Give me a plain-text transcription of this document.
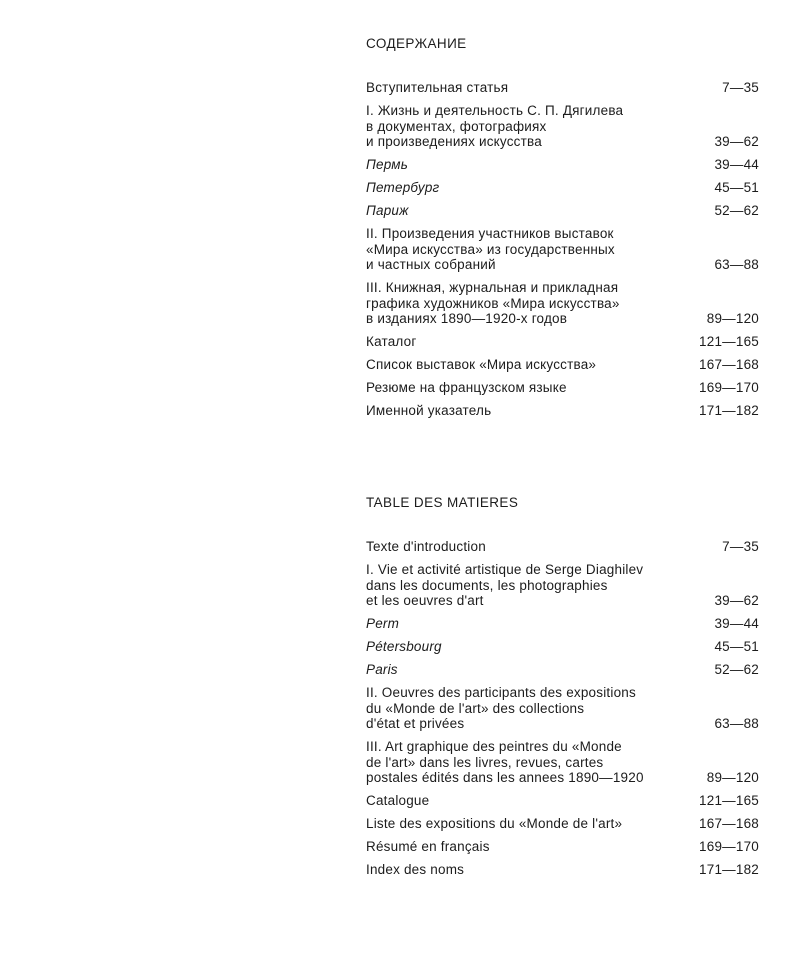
СОДЕРЖАНИЕ
Вступительная статья	7—35
I. Жизнь и деятельность С. П. Дягилева
в документах, фотографиях
и произведениях искусства	39—62
Пермь	39—44
Петербург	45—51
Париж	52—62
II. Произведения участников выставок
«Мира искусства» из государственных
и частных собраний	63—88
III. Книжная, журнальная и прикладная
графика художников «Мира искусства»
в изданиях 1890—1920-х годов	89—120
Каталог	121—165
Список выставок «Мира искусства»	167—168
Резюме на французском языке	169—170
Именной указатель	171—182
TABLE DES MATIERES
Texte d'introduction	7—35
I. Vie et activité artistique de Serge Diaghilev
dans les documents, les photographies
et les oeuvres d'art	39—62
Perm	39—44
Pétersbourg	45—51
Paris	52—62
II. Oeuvres des participants des expositions
du «Monde de l'art» des collections
d'état et privées	63—88
III. Art graphique des peintres du «Monde
de l'art» dans les livres, revues, cartes
postales édités dans les annees 1890—1920	89—120
Catalogue	121—165
Liste des expositions du «Monde de l'art»	167—168
Résumé en français	169—170
Index des noms	171—182
